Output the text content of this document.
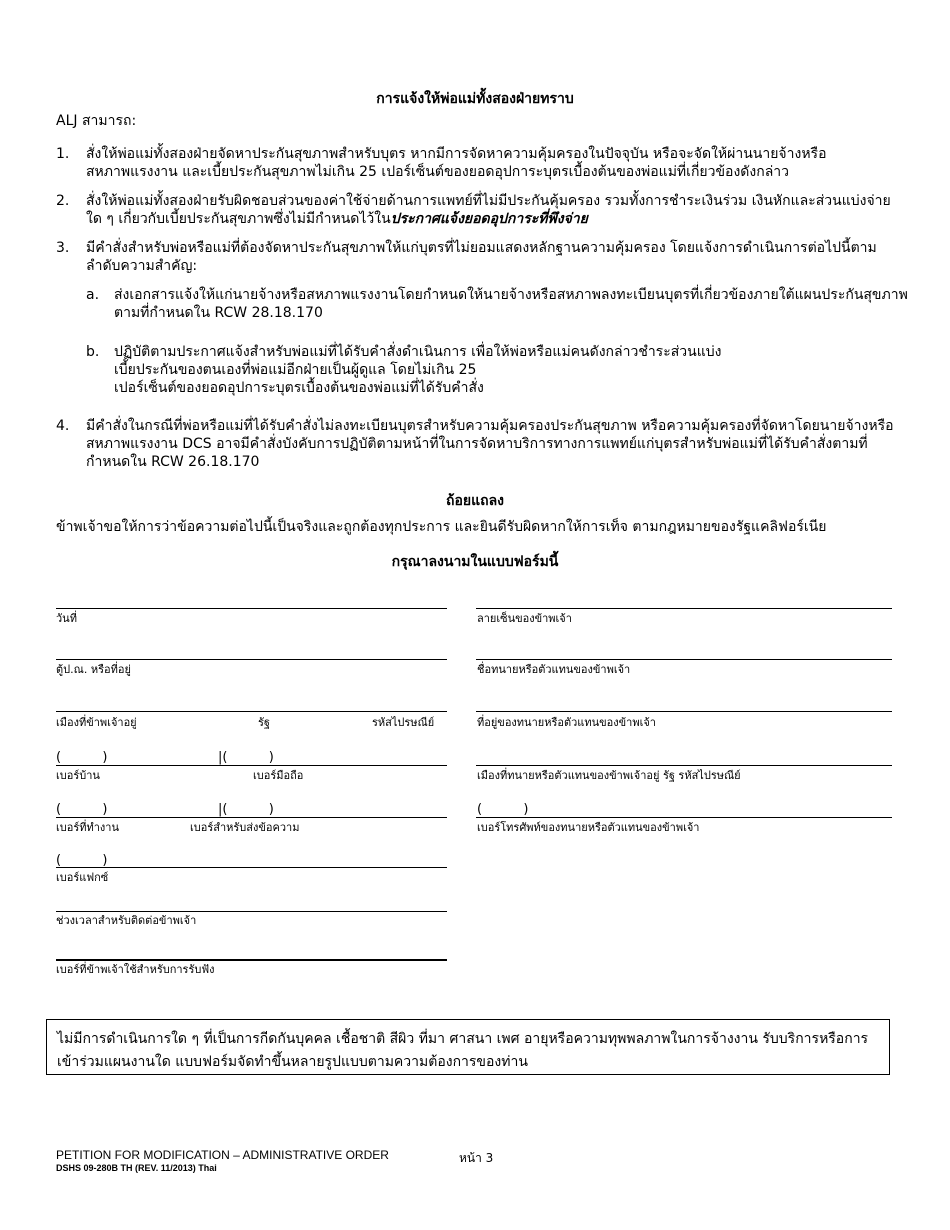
การแจ้งให้พ่อแม่ทั้งสองฝ่ายทราบ
ALJ สามารถ:
1. สั่งให้พ่อแม่ทั้งสองฝ่ายจัดหาประกันสุขภาพสำหรับบุตร หากมีการจัดหาความคุ้มครองในปัจจุบัน หรือจะจัดให้ผ่านนายจ้างหรือสหภาพแรงงาน และเบี้ยประกันสุขภาพไม่เกิน 25 เปอร์เซ็นต์ของยอดอุปการะบุตรเบื้องต้นของพ่อแม่ที่เกี่ยวข้องดังกล่าว
2. สั่งให้พ่อแม่ทั้งสองฝ่ายรับผิดชอบส่วนของค่าใช้จ่ายด้านการแพทย์ที่ไม่มีประกันคุ้มครอง รวมทั้งการชำระเงินร่วม เงินหักและส่วนแบ่งจ่ายใด ๆ เกี่ยวกับเบี้ยประกันสุขภาพซึ่งไม่มีกำหนดไว้ในประกาศแจ้งยอดอุปการะที่พึงจ่าย
3. มีคำสั่งสำหรับพ่อหรือแม่ที่ต้องจัดหาประกันสุขภาพให้แก่บุตรที่ไม่ยอมแสดงหลักฐานความคุ้มครอง โดยแจ้งการดำเนินการต่อไปนี้ตามลำดับความสำคัญ:
a. ส่งเอกสารแจ้งให้แก่นายจ้างหรือสหภาพแรงงานโดยกำหนดให้นายจ้างหรือสหภาพลงทะเบียนบุตรที่เกี่ยวข้องภายใต้แผนประกันสุขภาพตามที่กำหนดใน RCW 28.18.170
b. ปฏิบัติตามประกาศแจ้งสำหรับพ่อแม่ที่ได้รับคำสั่งดำเนินการ เพื่อให้พ่อหรือแม่คนดังกล่าวชำระส่วนแบ่ง
เบี้ยประกันของตนเองที่พ่อแม่อีกฝ่ายเป็นผู้ดูแล โดยไม่เกิน 25
เปอร์เซ็นต์ของยอดอุปการะบุตรเบื้องต้นของพ่อแม่ที่ได้รับคำสั่ง
4. มีคำสั่งในกรณีที่พ่อหรือแม่ที่ได้รับคำสั่งไม่ลงทะเบียนบุตรสำหรับความคุ้มครองประกันสุขภาพ หรือความคุ้มครองที่จัดหาโดยนายจ้างหรือสหภาพแรงงาน DCS อาจมีคำสั่งบังคับการปฏิบัติตามหน้าที่ในการจัดหาบริการทางการแพทย์แก่บุตรสำหรับพ่อแม่ที่ได้รับคำสั่งตามที่กำหนดใน RCW 26.18.170
ถ้อยแถลง
ข้าพเจ้าขอให้การว่าข้อความต่อไปนี้เป็นจริงและถูกต้องทุกประการ และยินดีรับผิดหากให้การเท็จ ตามกฎหมายของรัฐแคลิฟอร์เนีย
กรุณาลงนามในแบบฟอร์มนี้
วันที่
ตู้ป.ณ. หรือที่อยู่
เมืองที่ข้าพเจ้าอยู่	รัฐ	รหัสไปรษณีย์
(          )	|(          )
เบอร์บ้าน	เบอร์มือถือ
(          )	|(          )
เบอร์ที่ทำงาน	เบอร์สำหรับส่งข้อความ
(          )
เบอร์แฟกซ์
ช่วงเวลาสำหรับติดต่อข้าพเจ้า
เบอร์ที่ข้าพเจ้าใช้สำหรับการรับฟัง
ลายเซ็นของข้าพเจ้า
ชื่อทนายหรือตัวแทนของข้าพเจ้า
ที่อยู่ของทนายหรือตัวแทนของข้าพเจ้า
เมืองที่ทนายหรือตัวแทนของข้าพเจ้าอยู่ รัฐ รหัสไปรษณีย์
(          )
เบอร์โทรศัพท์ของทนายหรือตัวแทนของข้าพเจ้า
ไม่มีการดำเนินการใด ๆ ที่เป็นการกีดกันบุคคล เชื้อชาติ สีผิว ที่มา ศาสนา เพศ อายุหรือความทุพพลภาพในการจ้างงาน รับบริการหรือการเข้าร่วมแผนงานใด แบบฟอร์มจัดทำขึ้นหลายรูปแบบตามความต้องการของท่าน
PETITION FOR MODIFICATION – ADMINISTRATIVE ORDER	หน้า 3
DSHS 09-280B TH (REV. 11/2013) Thai
